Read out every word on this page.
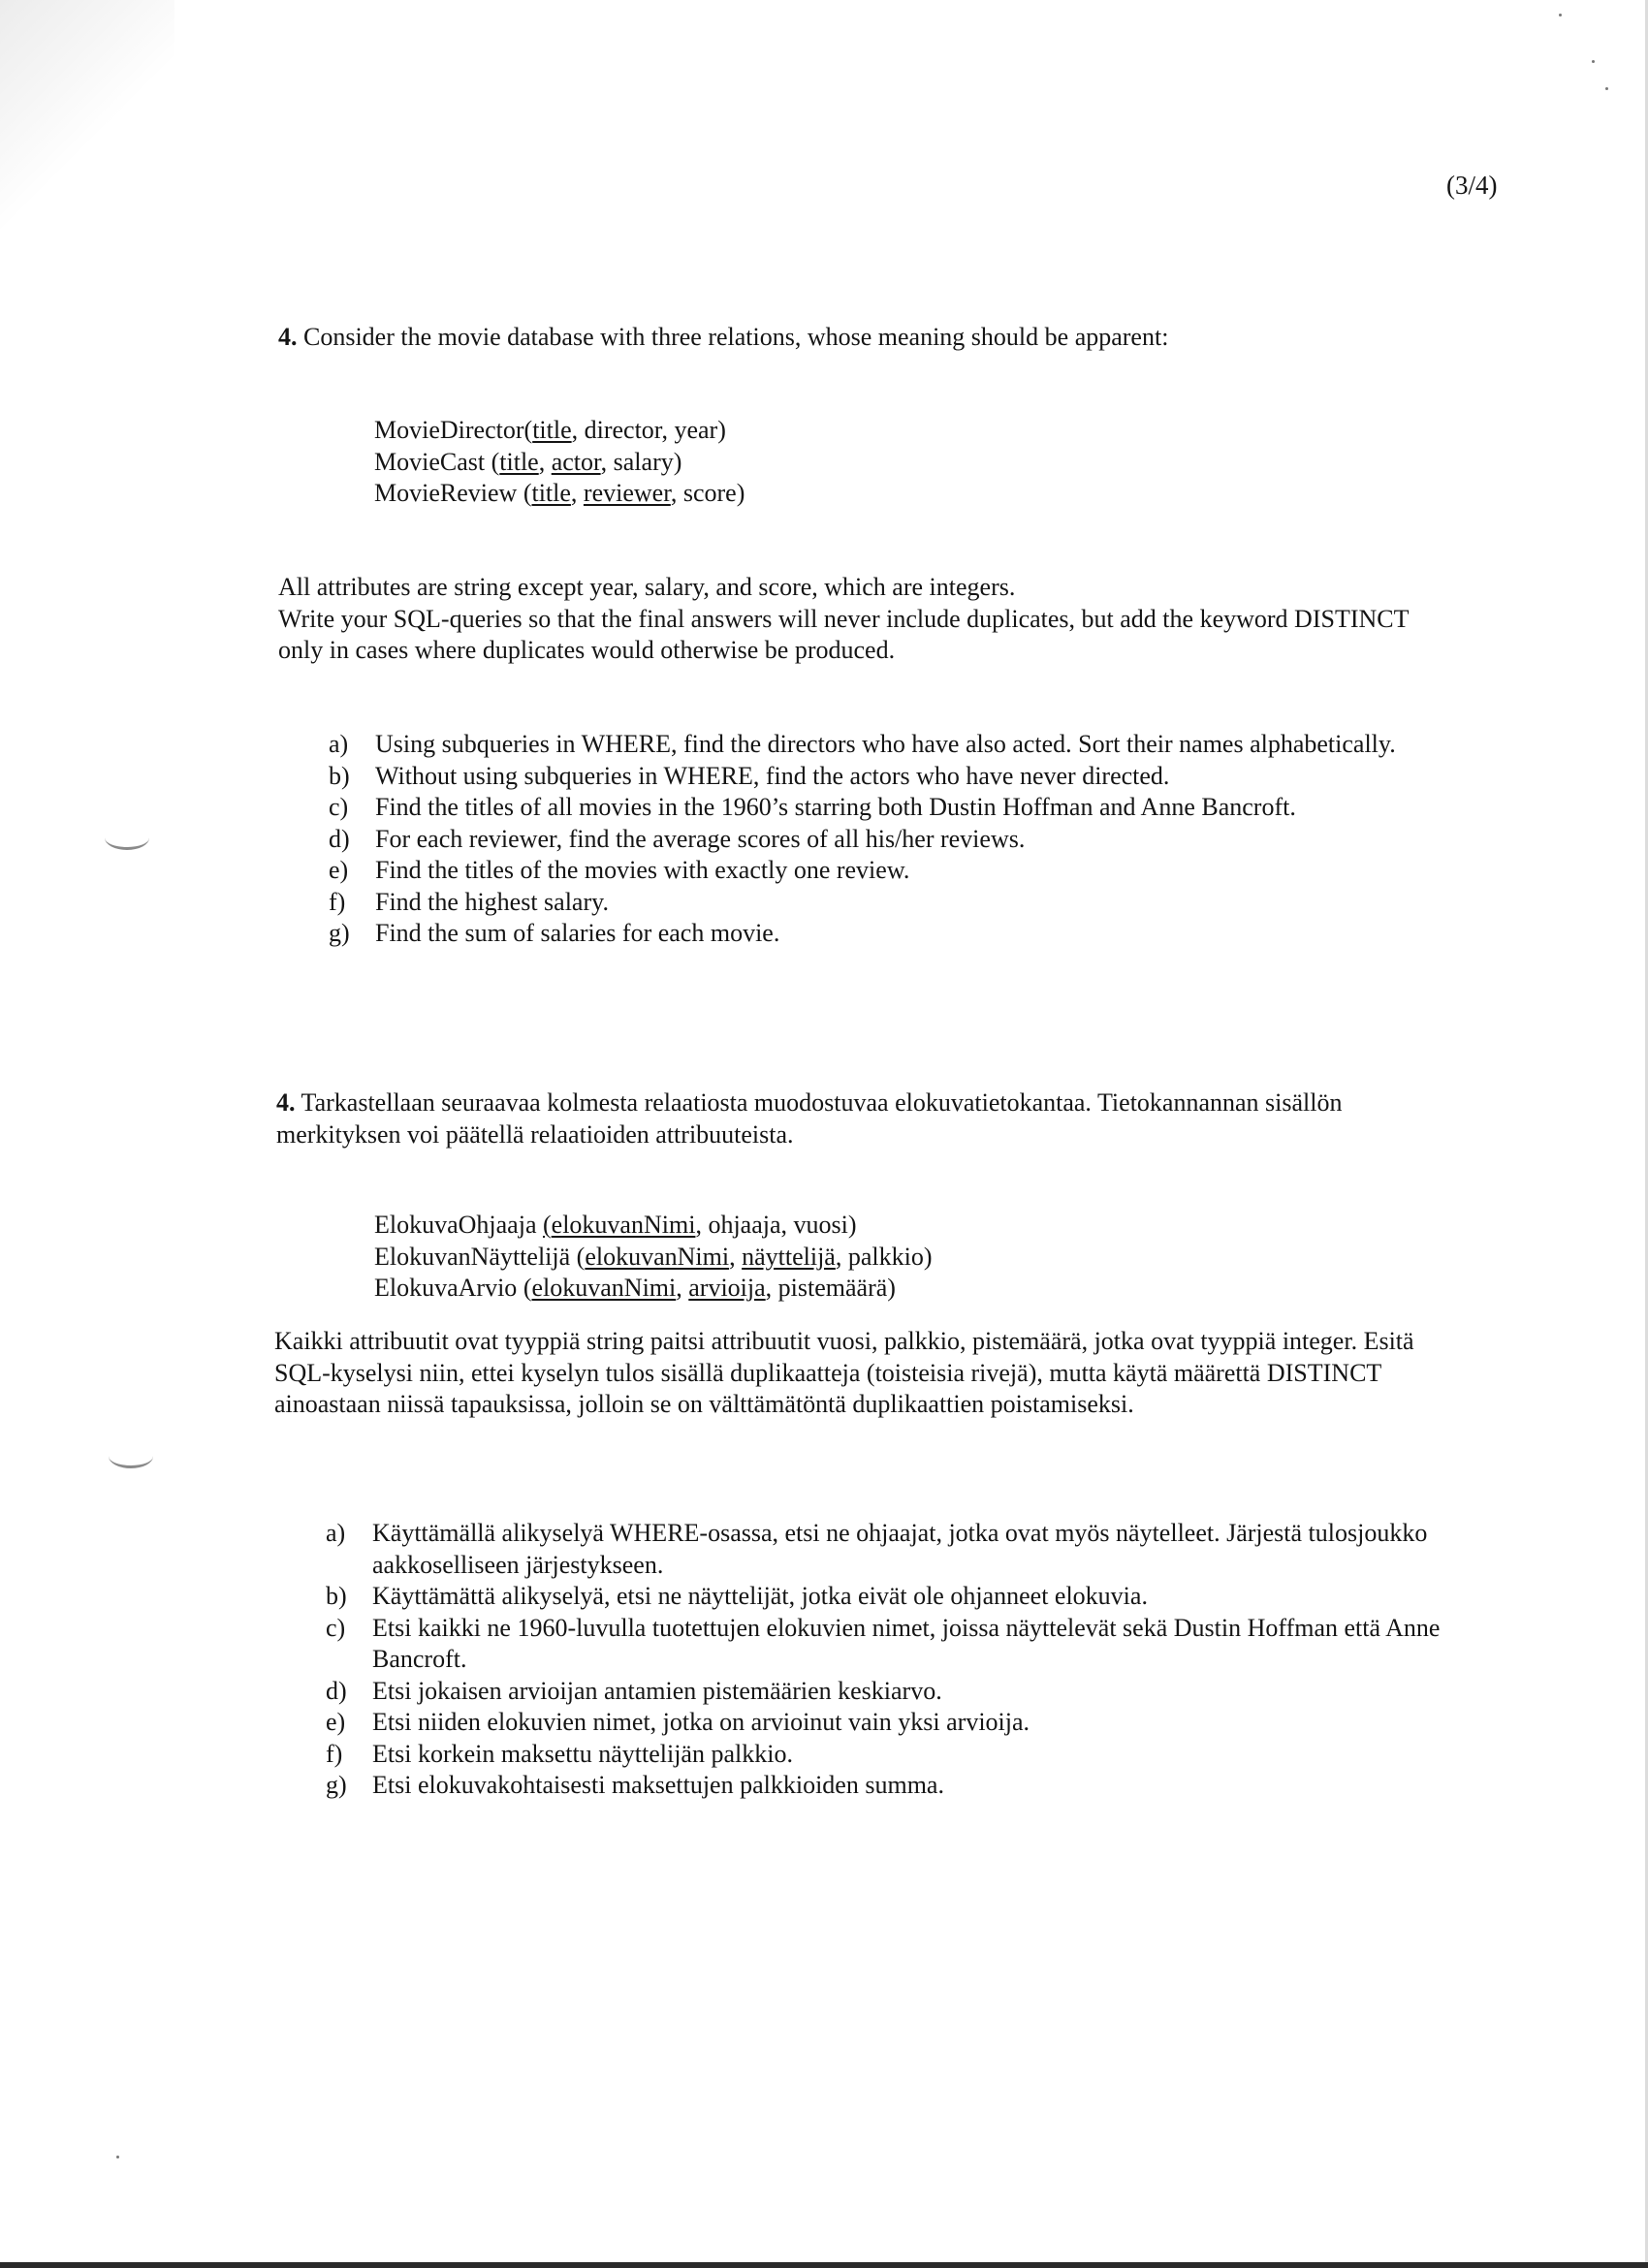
(3/4)
4. Consider the movie database with three relations, whose meaning should be apparent:
MovieDirector(title, director, year)
MovieCast (title, actor, salary)
MovieReview (title, reviewer, score)
All attributes are string except year, salary, and score, which are integers.
Write your SQL-queries so that the final answers will never include duplicates, but add the keyword DISTINCT
only in cases where duplicates would otherwise be produced.
a) Using subqueries in WHERE, find the directors who have also acted. Sort their names alphabetically.
b) Without using subqueries in WHERE, find the actors who have never directed.
c) Find the titles of all movies in the 1960’s starring both Dustin Hoffman and Anne Bancroft.
d) For each reviewer, find the average scores of all his/her reviews.
e) Find the titles of the movies with exactly one review.
f) Find the highest salary.
g) Find the sum of salaries for each movie.
4. Tarkastellaan seuraavaa kolmesta relaatiosta muodostuvaa elokuvatietokantaa. Tietokannannan sisällön
merkityksen voi päätellä relaatioiden attribuuteista.
ElokuvaOhjaaja (elokuvanNimi, ohjaaja, vuosi)
ElokuvanNäyttelijä (elokuvanNimi, näyttelijä, palkkio)
ElokuvaArvio (elokuvanNimi, arvioija, pistemäärä)
Kaikki attribuutit ovat tyyppiä string paitsi attribuutit vuosi, palkkio, pistemäärä, jotka ovat tyyppiä integer. Esitä
SQL-kyselysi niin, ettei kyselyn tulos sisällä duplikaatteja (toisteisia rivejä), mutta käytä määrettä DISTINCT
ainoastaan niissä tapauksissa, jolloin se on välttämätöntä duplikaattien poistamiseksi.
a) Käyttämällä alikyselyä WHERE-osassa, etsi ne ohjaajat, jotka ovat myös näytelleet. Järjestä tulosjoukko
aakkoselliseen järjestykseen.
b) Käyttämättä alikyselyä, etsi ne näyttelijät, jotka eivät ole ohjanneet elokuvia.
c) Etsi kaikki ne 1960-luvulla tuotettujen elokuvien nimet, joissa näyttelevät sekä Dustin Hoffman että Anne
Bancroft.
d) Etsi jokaisen arvioijan antamien pistemäärien keskiarvo.
e) Etsi niiden elokuvien nimet, jotka on arvioinut vain yksi arvioija.
f) Etsi korkein maksettu näyttelijän palkkio.
g) Etsi elokuvakohtaisesti maksettujen palkkioiden summa.
